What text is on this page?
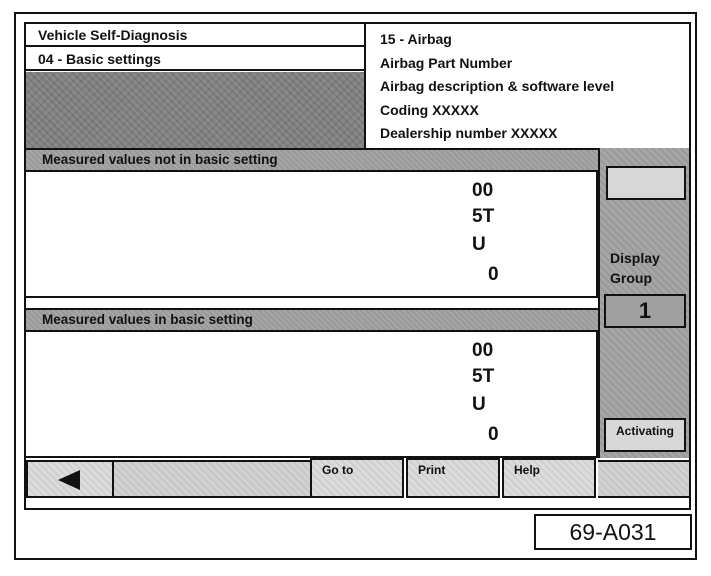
Vehicle Self-Diagnosis
04 - Basic settings
15 - Airbag
Airbag Part Number
Airbag description & software level
Coding XXXXX
Dealership number XXXXX
Measured values not in basic setting
00
5T
U
0
Measured values in basic setting
00
5T
U
0
Display
Group
1
Activating
Go to	Print	Help
69-A031
